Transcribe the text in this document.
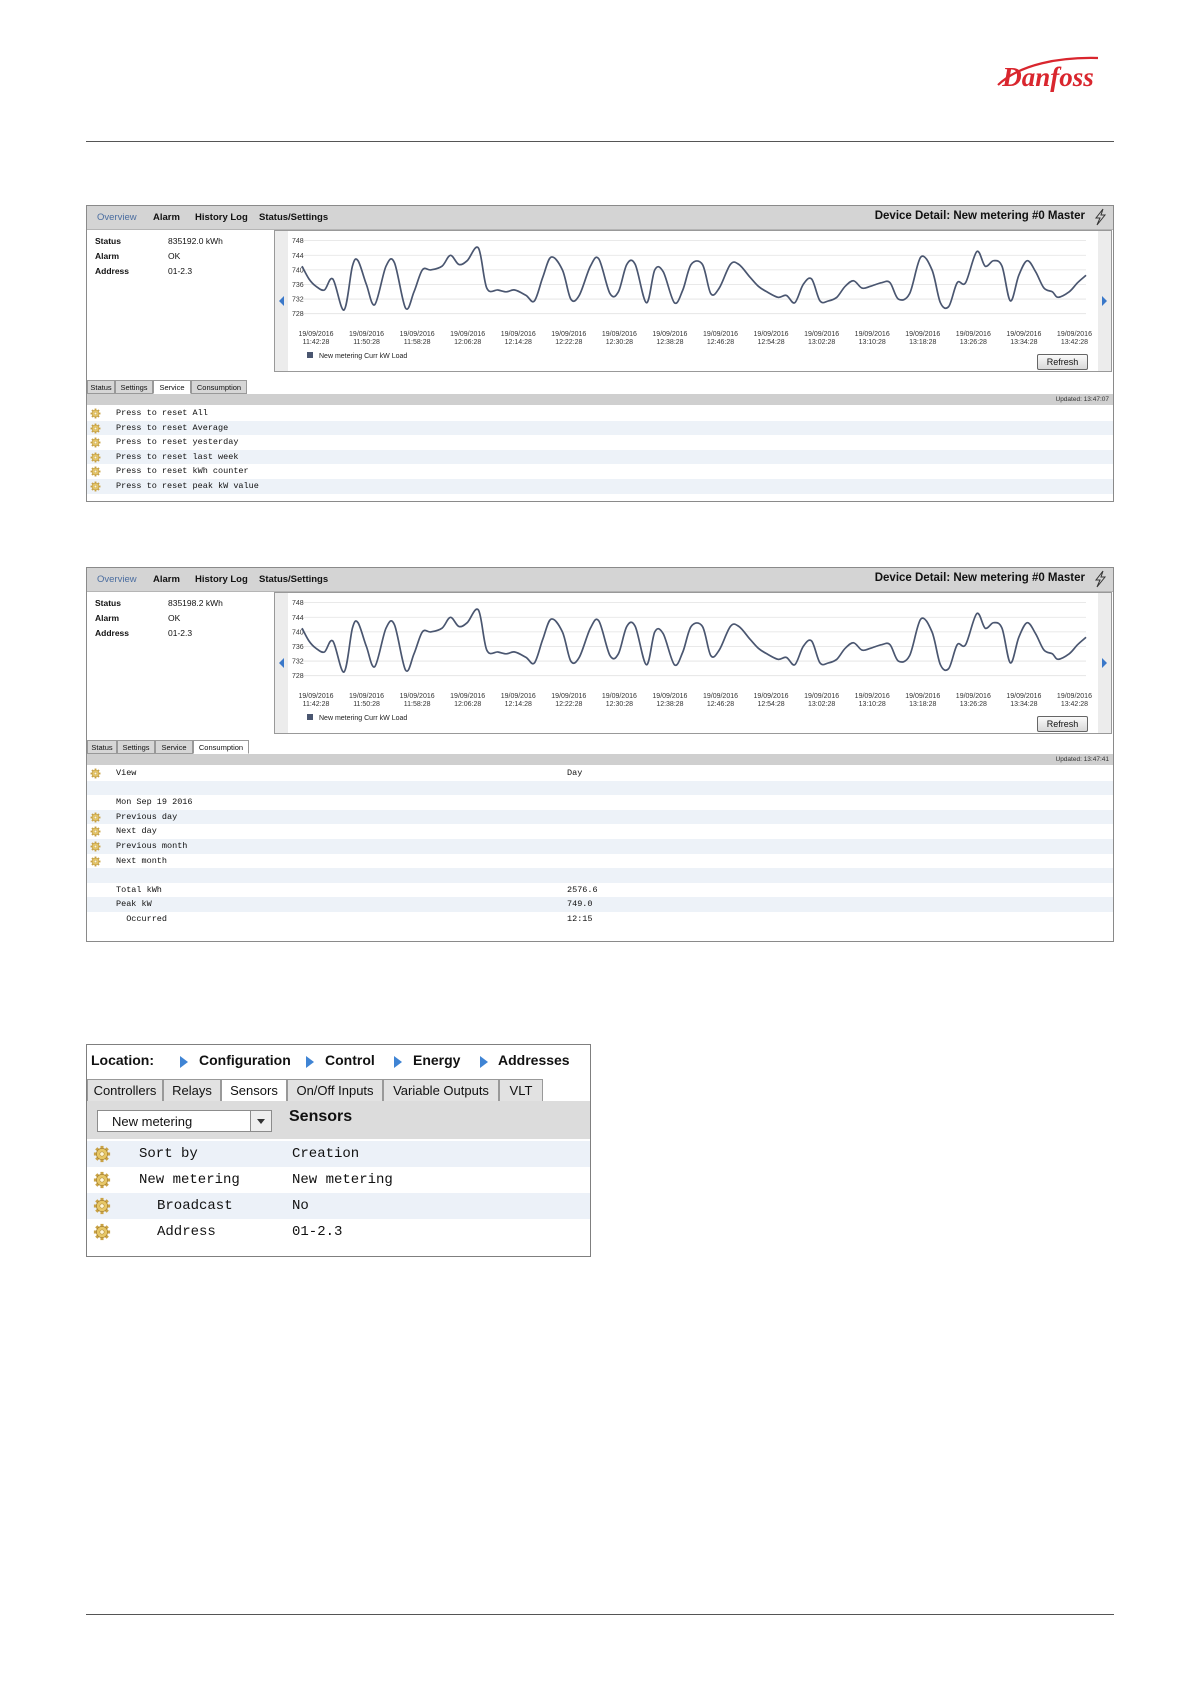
Danfoss
Overview Alarm History Log Status/Settings	Device Detail: New metering #0 Master
Status	835192.0 kWh
Alarm	OK
Address	01-2.3
728
732
736
740
744
748
19/09/2016
11:42:28
19/09/2016
11:50:28
19/09/2016
11:58:28
19/09/2016
12:06:28
19/09/2016
12:14:28
19/09/2016
12:22:28
19/09/2016
12:30:28
19/09/2016
12:38:28
19/09/2016
12:46:28
19/09/2016
12:54:28
19/09/2016
13:02:28
19/09/2016
13:10:28
19/09/2016
13:18:28
19/09/2016
13:26:28
19/09/2016
13:34:28
19/09/2016
13:42:28
New metering Curr kW Load
Refresh
Status	Settings	Service	Consumption
Updated: 13:47:07
Press to reset All
Press to reset Average
Press to reset yesterday
Press to reset last week
Press to reset kWh counter
Press to reset peak kW value
Overview Alarm History Log Status/Settings	Device Detail: New metering #0 Master
Status	835198.2 kWh
Alarm	OK
Address	01-2.3
728
732
736
740
744
748
19/09/2016
11:42:28
19/09/2016
11:50:28
19/09/2016
11:58:28
19/09/2016
12:06:28
19/09/2016
12:14:28
19/09/2016
12:22:28
19/09/2016
12:30:28
19/09/2016
12:38:28
19/09/2016
12:46:28
19/09/2016
12:54:28
19/09/2016
13:02:28
19/09/2016
13:10:28
19/09/2016
13:18:28
19/09/2016
13:26:28
19/09/2016
13:34:28
19/09/2016
13:42:28
New metering Curr kW Load
Refresh
Status	Settings	Service	Consumption
Updated: 13:47:41
View	Day
Mon Sep 19 2016
Previous day
Next day
Previous month
Next month
Total kWh	2576.6
Peak kW	749.0
Occurred	12:15
Location:	Configuration Control	Energy	Addresses
Controllers	Relays	Sensors	On/Off Inputs	Variable Outputs	VLT
New metering	Sensors
Sort by	Creation
New metering	New metering
Broadcast	No
Address	01-2.3
